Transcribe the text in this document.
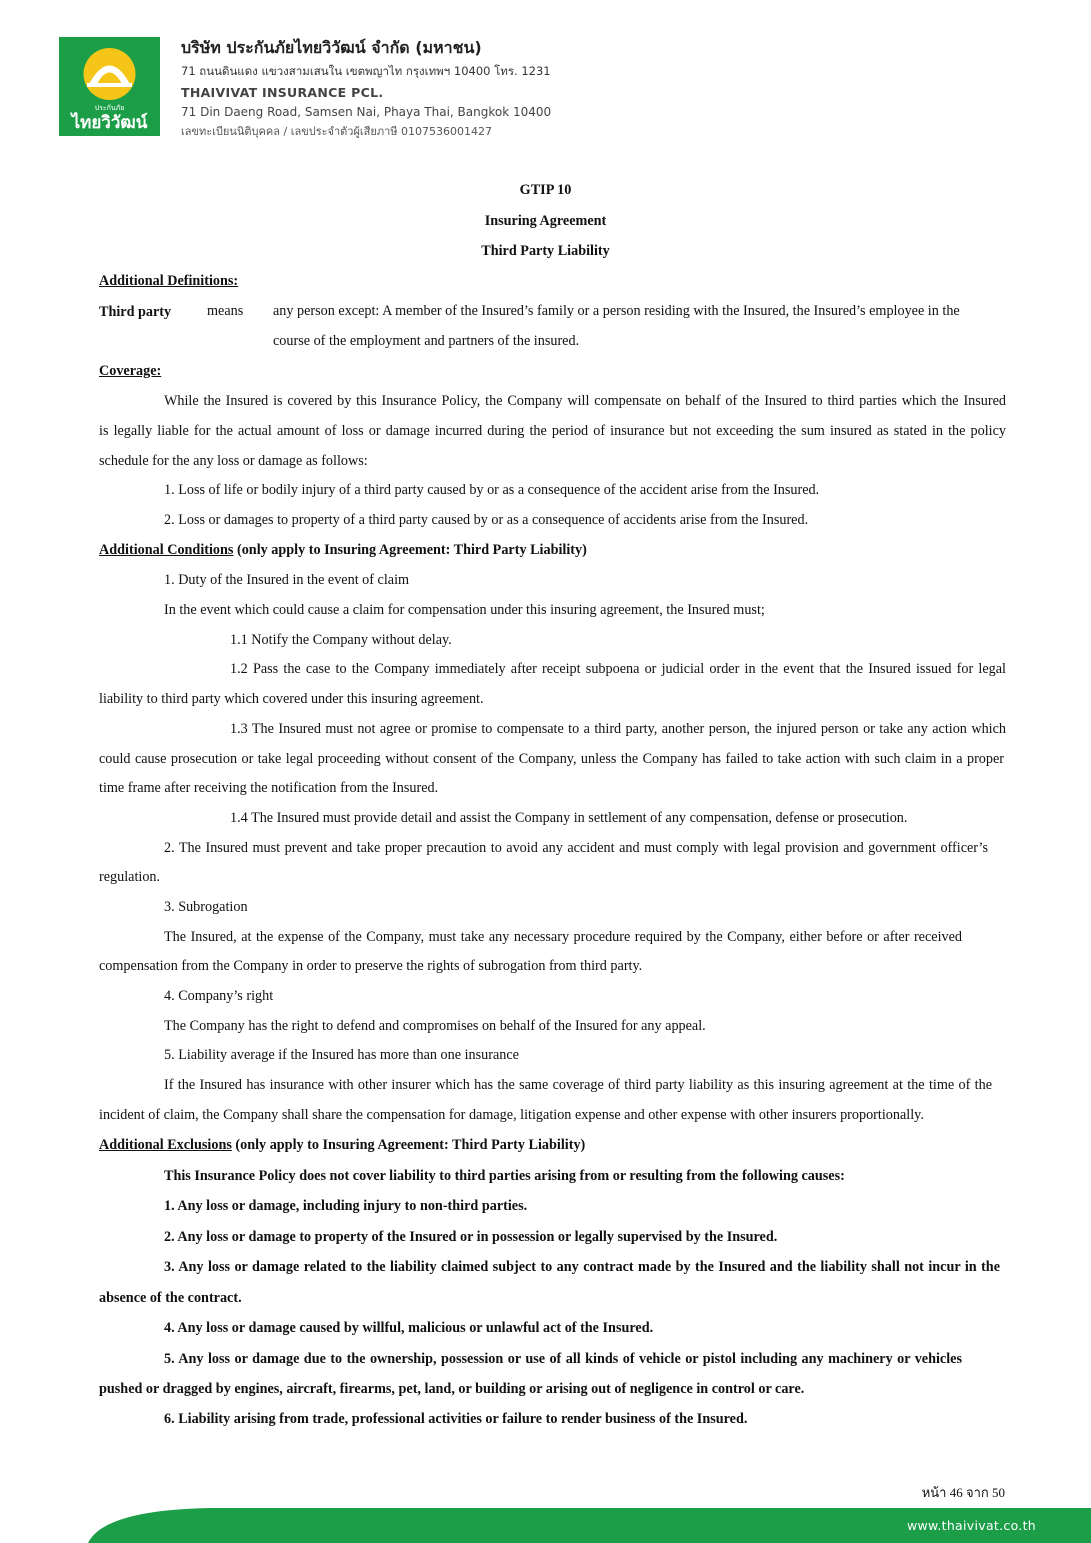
ประกันภัย
ไทยวิวัฒน์
บริษัท ประกันภัยไทยวิวัฒน์ จำกัด (มหาชน)
71 ถนนดินแดง แขวงสามเสนใน เขตพญาไท กรุงเทพฯ 10400 โทร. 1231
THAIVIVAT INSURANCE PCL.
71 Din Daeng Road, Samsen Nai, Phaya Thai, Bangkok 10400
เลขทะเบียนนิติบุคคล / เลขประจำตัวผู้เสียภาษี 0107536001427
GTIP 10
Insuring Agreement
Third Party Liability
Additional Definitions:
Third party	means any person except: A member of the Insured’s family or a person residing with the Insured, the Insured’s employee in the
course of the employment and partners of the insured.
Coverage:
While the Insured is covered by this Insurance Policy, the Company will compensate on behalf of the Insured to third parties which the Insured
is legally liable for the actual amount of loss or damage incurred during the period of insurance but not exceeding the sum insured as stated in the policy
schedule for the any loss or damage as follows:
1. Loss of life or bodily injury of a third party caused by or as a consequence of the accident arise from the Insured.
2. Loss or damages to property of a third party caused by or as a consequence of accidents arise from the Insured.
Additional Conditions (only apply to Insuring Agreement: Third Party Liability)
1. Duty of the Insured in the event of claim
In the event which could cause a claim for compensation under this insuring agreement, the Insured must;
1.1 Notify the Company without delay.
1.2 Pass the case to the Company immediately after receipt subpoena or judicial order in the event that the Insured issued for legal
liability to third party which covered under this insuring agreement.
1.3 The Insured must not agree or promise to compensate to a third party, another person, the injured person or take any action which
could cause prosecution or take legal proceeding without consent of the Company, unless the Company has failed to take action with such claim in a proper
time frame after receiving the notification from the Insured.
1.4 The Insured must provide detail and assist the Company in settlement of any compensation, defense or prosecution.
2. The Insured must prevent and take proper precaution to avoid any accident and must comply with legal provision and government officer’s
regulation.
3. Subrogation
The Insured, at the expense of the Company, must take any necessary procedure required by the Company, either before or after received
compensation from the Company in order to preserve the rights of subrogation from third party.
4. Company’s right
The Company has the right to defend and compromises on behalf of the Insured for any appeal.
5. Liability average if the Insured has more than one insurance
If the Insured has insurance with other insurer which has the same coverage of third party liability as this insuring agreement at the time of the
incident of claim, the Company shall share the compensation for damage, litigation expense and other expense with other insurers proportionally.
Additional Exclusions (only apply to Insuring Agreement: Third Party Liability)
This Insurance Policy does not cover liability to third parties arising from or resulting from the following causes:
1. Any loss or damage, including injury to non-third parties.
2. Any loss or damage to property of the Insured or in possession or legally supervised by the Insured.
3. Any loss or damage related to the liability claimed subject to any contract made by the Insured and the liability shall not incur in the
absence of the contract.
4. Any loss or damage caused by willful, malicious or unlawful act of the Insured.
5. Any loss or damage due to the ownership, possession or use of all kinds of vehicle or pistol including any machinery or vehicles
pushed or dragged by engines, aircraft, firearms, pet, land, or building or arising out of negligence in control or care.
6. Liability arising from trade, professional activities or failure to render business of the Insured.
หน้า 46 จาก 50
www.thaivivat.co.th
